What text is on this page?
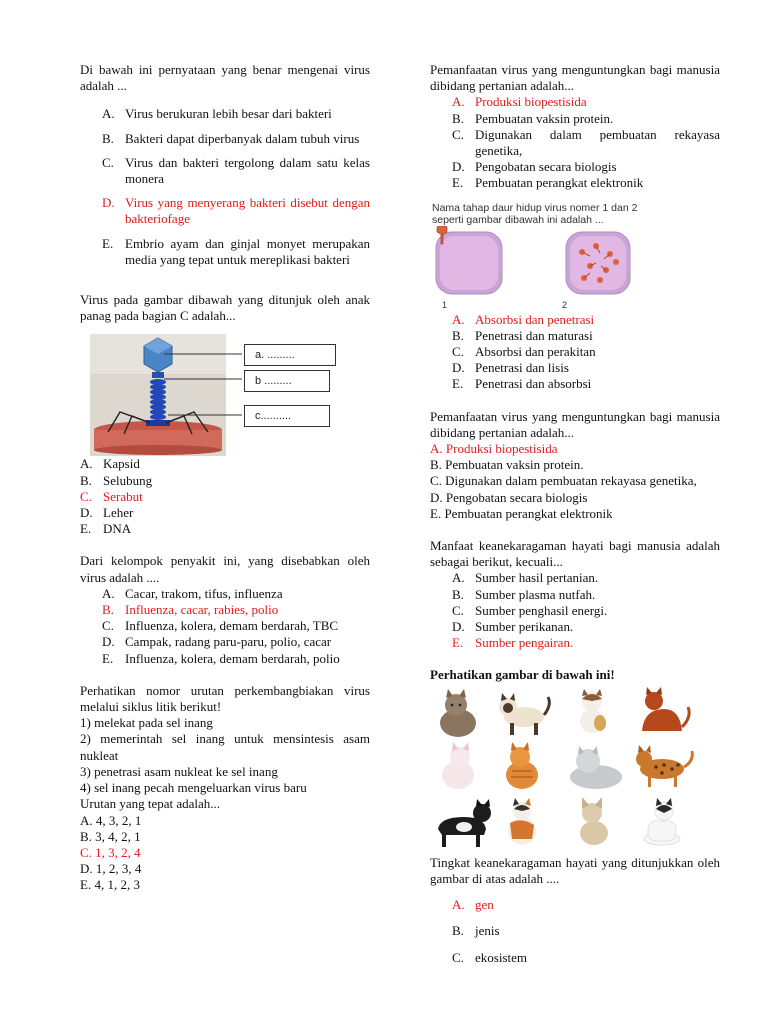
Di bawah ini pernyataan yang benar mengenai virus adalah ...

A. Virus berukuran lebih besar dari bakteri
B. Bakteri dapat diperbanyak dalam tubuh virus
C. Virus dan bakteri tergolong dalam satu kelas monera
D. Virus yang menyerang bakteri disebut dengan bakteriofage
E. Embrio ayam dan ginjal monyet merupakan media yang tepat untuk mereplikasi bakteri

Virus pada gambar dibawah yang ditunjuk oleh anak panag pada bagian C adalah...

a. .........
b .........
c..........
A. Kapsid
B. Selubung
C. Serabut
D. Leher
E. DNA

Dari kelompok penyakit ini, yang disebabkan oleh virus adalah ....

A. Cacar, trakom, tifus, influenza
B. Influenza, cacar, rabies, polio
C. Influenza, kolera, demam berdarah, TBC
D. Campak, radang paru-paru, polio, cacar
E. Influenza, kolera, demam berdarah, polio

Perhatikan nomor urutan perkembangbiakan virus melalui siklus litik berikut!

1) melekat pada sel inang

2) memerintah sel inang untuk mensintesis asam nukleat

3) penetrasi asam nukleat ke sel inang

4) sel inang pecah mengeluarkan virus baru

Urutan yang tepat adalah...

A. 4, 3, 2, 1

B. 3, 4, 2, 1

C. 1, 3, 2, 4

D. 1, 2, 3, 4

E. 4, 1, 2, 3

Pemanfaatan virus yang menguntungkan bagi manusia dibidang pertanian adalah...

A. Produksi biopestisida
B. Pembuatan vaksin protein.
C. Digunakan dalam pembuatan rekayasa genetika,
D. Pengobatan secara biologis
E. Pembuatan perangkat elektronik
Nama tahap daur hidup virus nomer 1 dan 2 seperti gambar dibawah ini adalah ...
1	2
A. Absorbsi dan penetrasi
B. Penetrasi dan maturasi
C. Absorbsi dan perakitan
D. Penetrasi dan lisis
E. Penetrasi dan absorbsi

Pemanfaatan virus yang menguntungkan bagi manusia dibidang pertanian adalah...

A. Produksi biopestisida

B. Pembuatan vaksin protein.

C. Digunakan dalam pembuatan rekayasa genetika,

D. Pengobatan secara biologis

E. Pembuatan perangkat elektronik

Manfaat keanekaragaman hayati bagi manusia adalah sebagai berikut, kecuali...

A. Sumber hasil pertanian.
B. Sumber plasma nutfah.
C. Sumber penghasil energi.
D. Sumber perikanan.
E. Sumber pengairan.

Perhatikan gambar di bawah ini!

Tingkat keanekaragaman hayati yang ditunjukkan oleh gambar di atas adalah ....

A. gen
B. jenis
C. ekosistem
